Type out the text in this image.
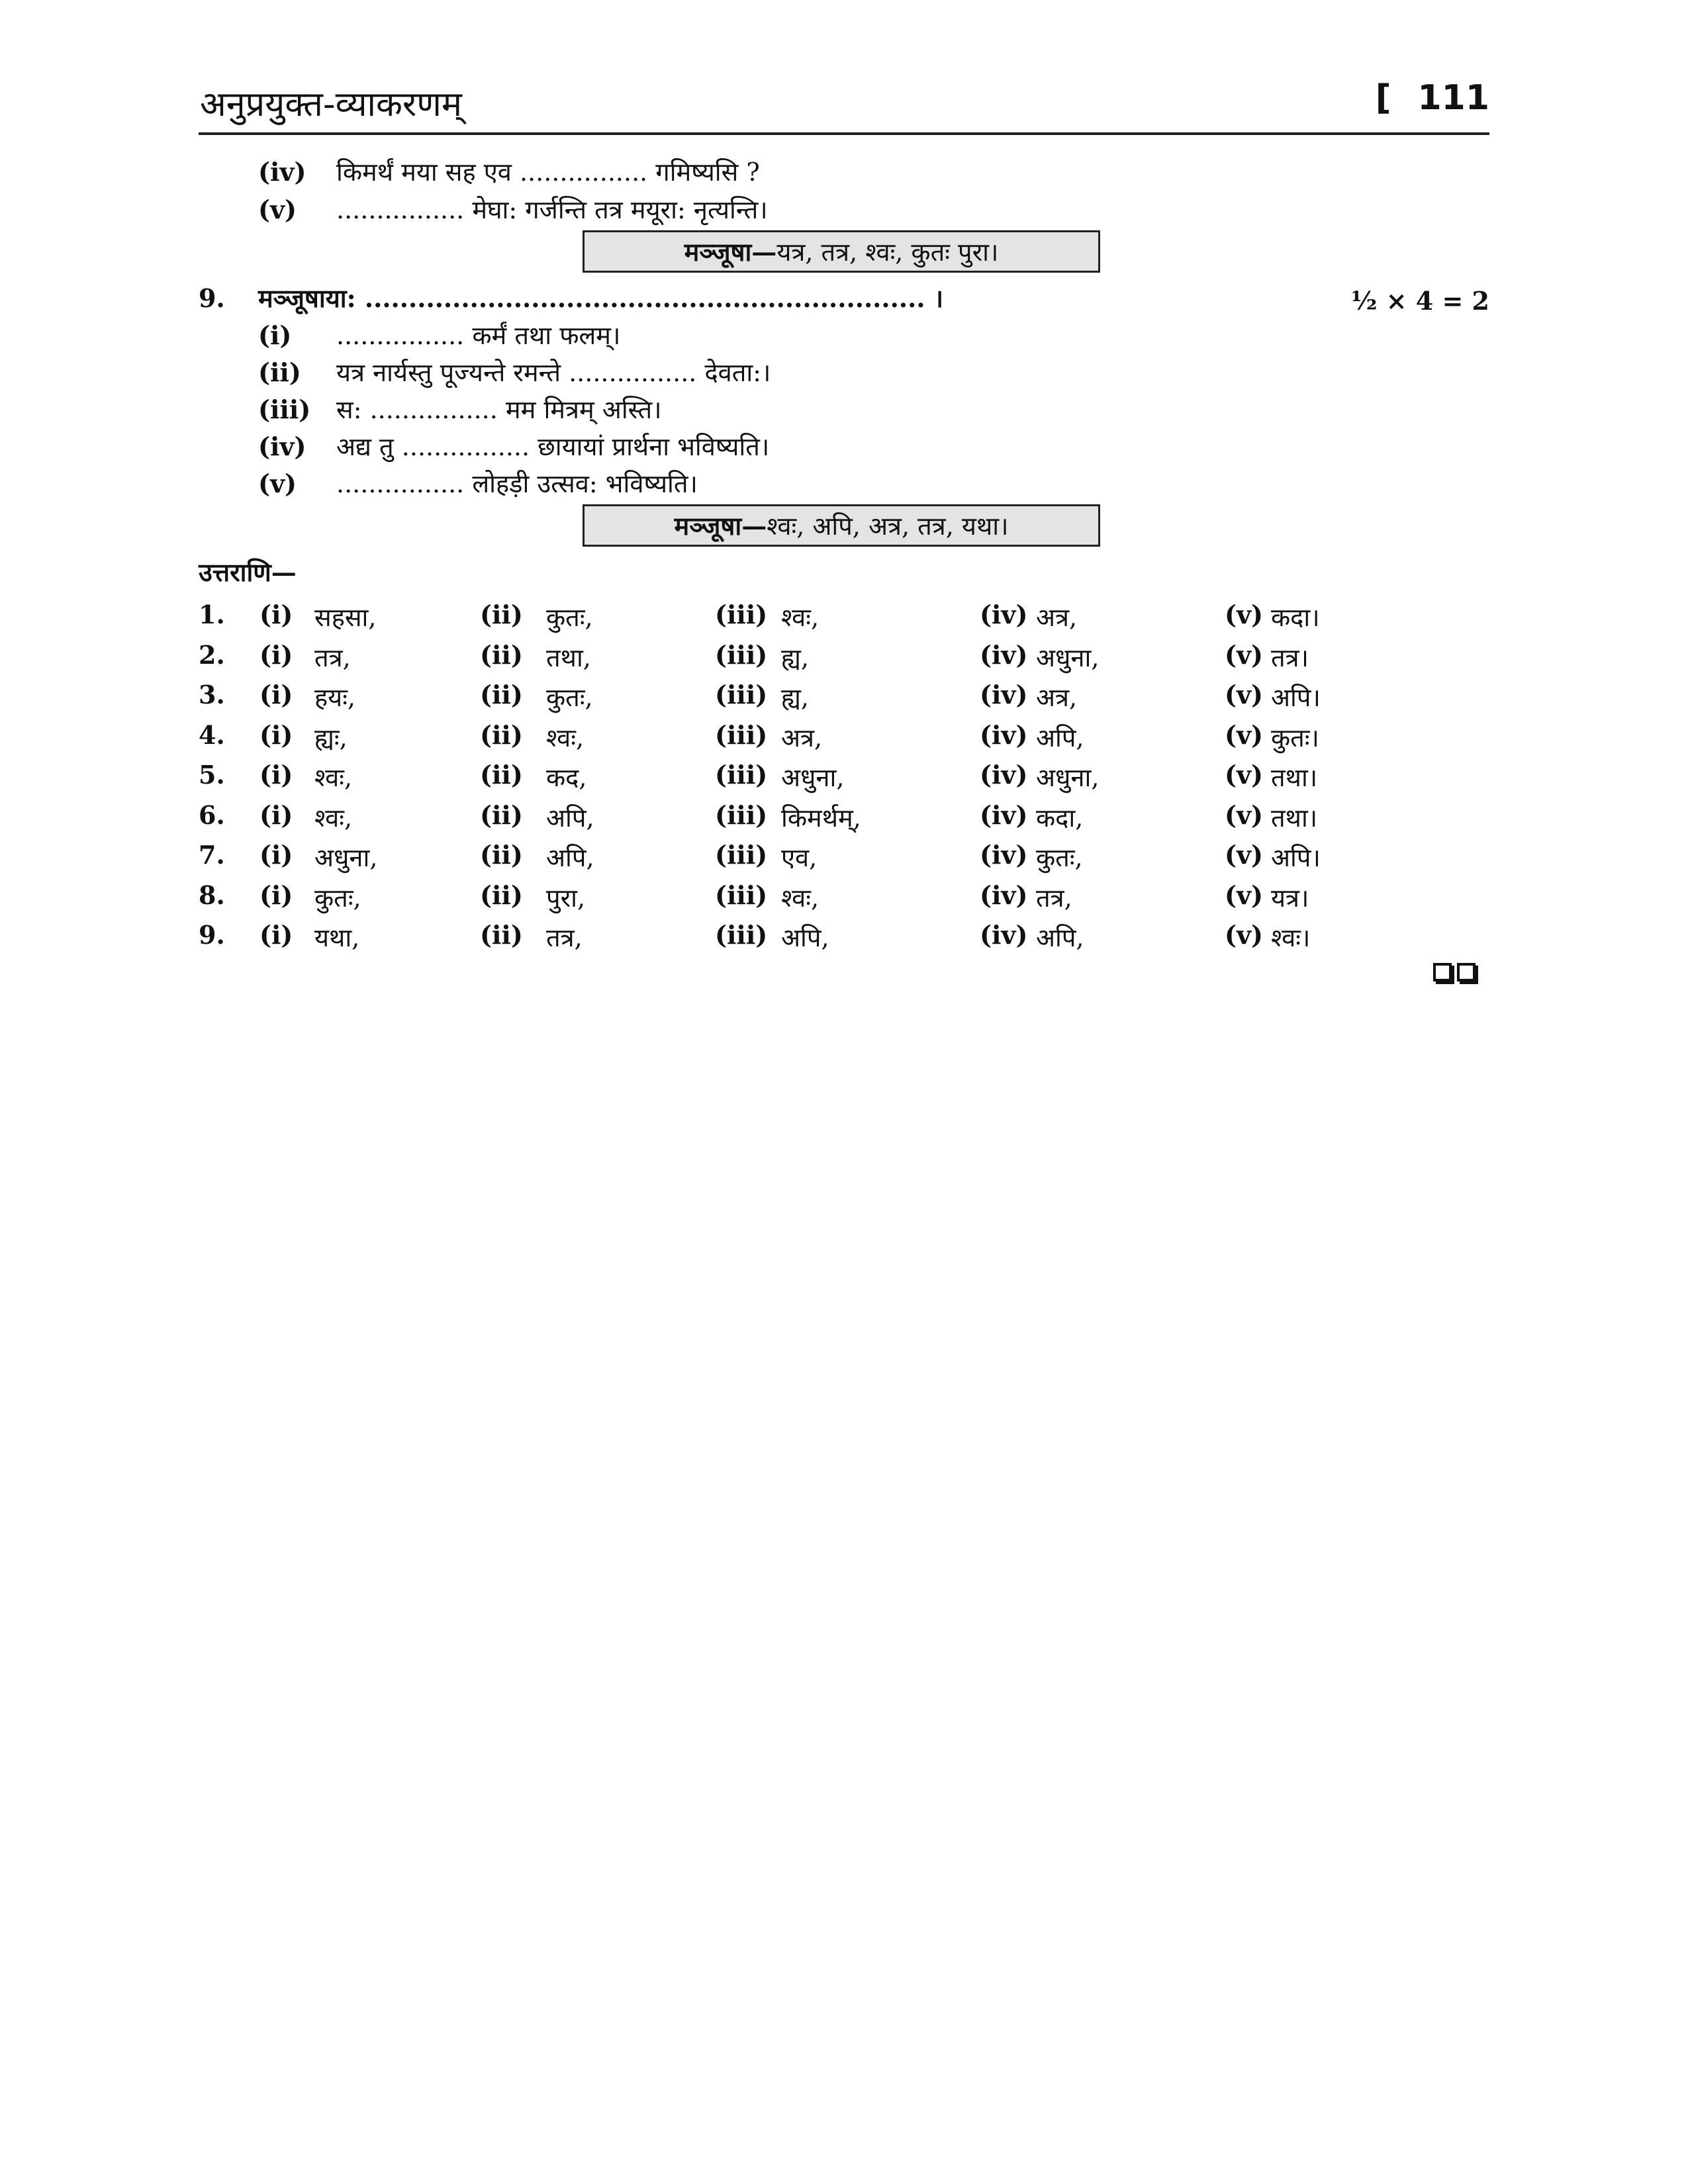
अनुप्रयुक्त-व्याकरणम्	[ 111
(iv) किमर्थं मया सह एव ................ गमिष्यसि ?
(v) ................ मेघा: गर्जन्ति तत्र मयूरा: नृत्यन्ति।
मञ्जूषा— यत्र, तत्र, श्वः, कुतः पुरा।
9. मञ्जूषाया: ................................................................ ।	½ × 4 = 2
(i) ................ कर्मं तथा फलम्।
(ii) यत्र नार्यस्तु पूज्यन्ते रमन्ते ................ देवता:।
(iii) स: ................ मम मित्रम् अस्ति।
(iv) अद्य तु ................ छायायां प्रार्थना भविष्यति।
(v) ................ लोहड़ी उत्सव: भविष्यति।
मञ्जूषा— श्वः, अपि, अत्र, तत्र, यथा।
उत्तराणि—
1. (i) सहसा,	(ii) कुतः,	(iii) श्वः,	(iv) अत्र,	(v) कदा।
2. (i) तत्र,	(ii) तथा,	(iii) ह्य,	(iv) अधुना,	(v) तत्र।
3. (i) हयः,	(ii) कुतः,	(iii) ह्य,	(iv) अत्र,	(v) अपि।
4. (i) ह्यः,	(ii) श्वः,	(iii) अत्र,	(iv) अपि,	(v) कुतः।
5. (i) श्वः,	(ii) कद,	(iii) अधुना,	(iv) अधुना,	(v) तथा।
6. (i) श्वः,	(ii) अपि,	(iii) किमर्थम्,	(iv) कदा,	(v) तथा।
7. (i) अधुना,	(ii) अपि,	(iii) एव,	(iv) कुतः,	(v) अपि।
8. (i) कुतः,	(ii) पुरा,	(iii) श्वः,	(iv) तत्र,	(v) यत्र।
9. (i) यथा,	(ii) तत्र,	(iii) अपि,	(iv) अपि,	(v) श्वः।
